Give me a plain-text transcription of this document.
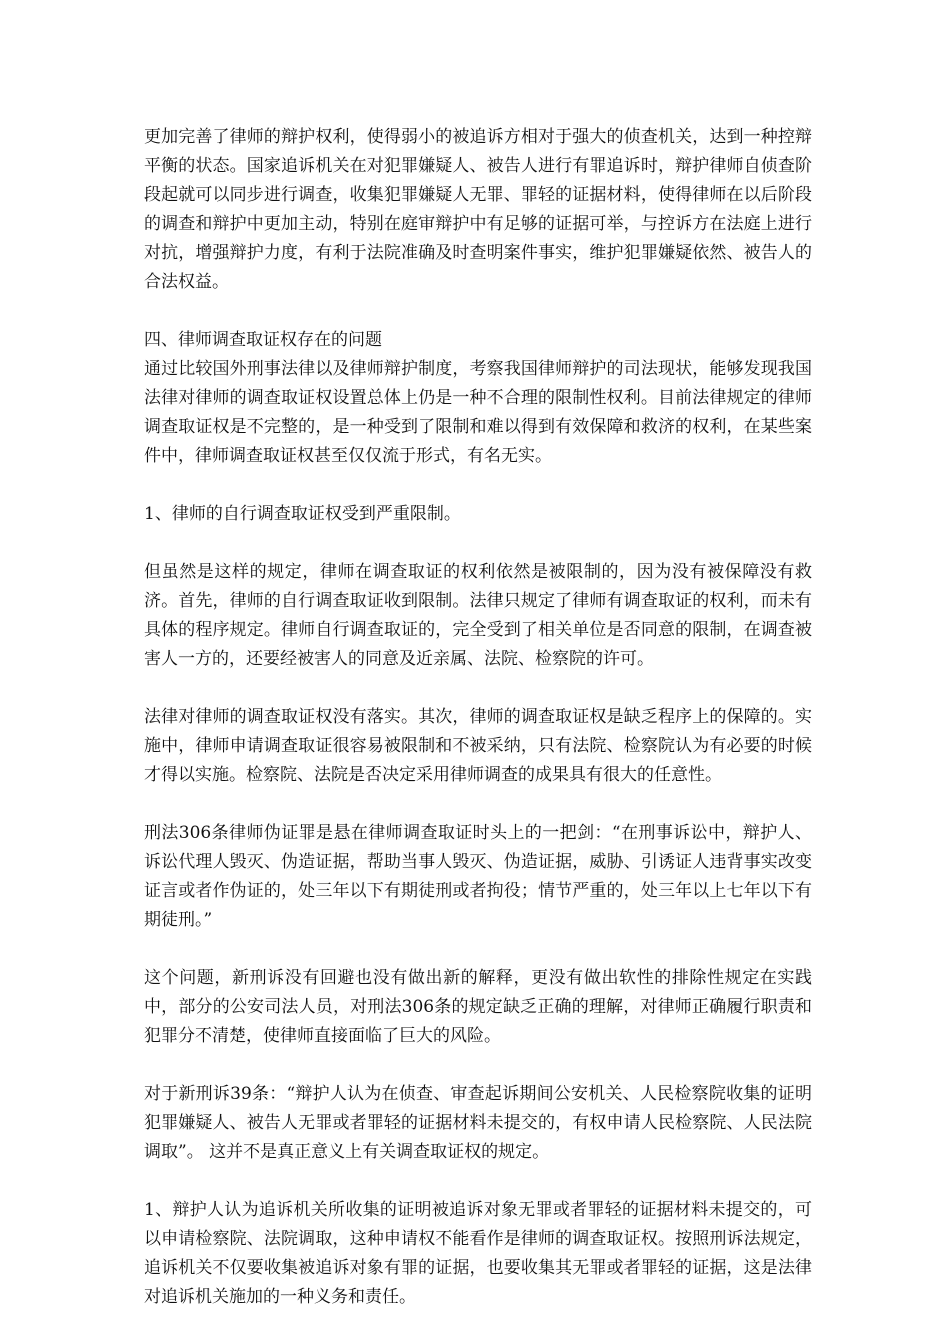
更加完善了律师的辩护权利，使得弱小的被追诉方相对于强大的侦查机关，达到一种控辩平衡的状态。国家追诉机关在对犯罪嫌疑人、被告人进行有罪追诉时，辩护律师自侦查阶段起就可以同步进行调查，收集犯罪嫌疑人无罪、罪轻的证据材料，使得律师在以后阶段的调查和辩护中更加主动，特别在庭审辩护中有足够的证据可举，与控诉方在法庭上进行对抗，增强辩护力度，有利于法院准确及时查明案件事实，维护犯罪嫌疑依然、被告人的合法权益。

四、律师调查取证权存在的问题

通过比较国外刑事法律以及律师辩护制度，考察我国律师辩护的司法现状，能够发现我国法律对律师的调查取证权设置总体上仍是一种不合理的限制性权利。目前法律规定的律师调查取证权是不完整的，是一种受到了限制和难以得到有效保障和救济的权利，在某些案件中，律师调查取证权甚至仅仅流于形式，有名无实。

1、律师的自行调查取证权受到严重限制。

但虽然是这样的规定，律师在调查取证的权利依然是被限制的，因为没有被保障没有救济。首先，律师的自行调查取证收到限制。法律只规定了律师有调查取证的权利，而未有具体的程序规定。律师自行调查取证的，完全受到了相关单位是否同意的限制，在调查被害人一方的，还要经被害人的同意及近亲属、法院、检察院的许可。

法律对律师的调查取证权没有落实。其次，律师的调查取证权是缺乏程序上的保障的。实施中，律师申请调查取证很容易被限制和不被采纳，只有法院、检察院认为有必要的时候才得以实施。检察院、法院是否决定采用律师调查的成果具有很大的任意性。

刑法306条律师伪证罪是悬在律师调查取证时头上的一把剑：“在刑事诉讼中，辩护人、诉讼代理人毁灭、伪造证据，帮助当事人毁灭、伪造证据，威胁、引诱证人违背事实改变证言或者作伪证的，处三年以下有期徒刑或者拘役；情节严重的，处三年以上七年以下有期徒刑。”

这个问题，新刑诉没有回避也没有做出新的解释，更没有做出软性的排除性规定在实践中，部分的公安司法人员，对刑法306条的规定缺乏正确的理解，对律师正确履行职责和犯罪分不清楚，使律师直接面临了巨大的风险。

对于新刑诉39条：“辩护人认为在侦查、审查起诉期间公安机关、人民检察院收集的证明犯罪嫌疑人、被告人无罪或者罪轻的证据材料未提交的，有权申请人民检察院、人民法院调取”。 这并不是真正意义上有关调查取证权的规定。

1、辩护人认为追诉机关所收集的证明被追诉对象无罪或者罪轻的证据材料未提交的，可以申请检察院、法院调取，这种申请权不能看作是律师的调查取证权。按照刑诉法规定，追诉机关不仅要收集被追诉对象有罪的证据，也要收集其无罪或者罪轻的证据，这是法律对追诉机关施加的一种义务和责任。
